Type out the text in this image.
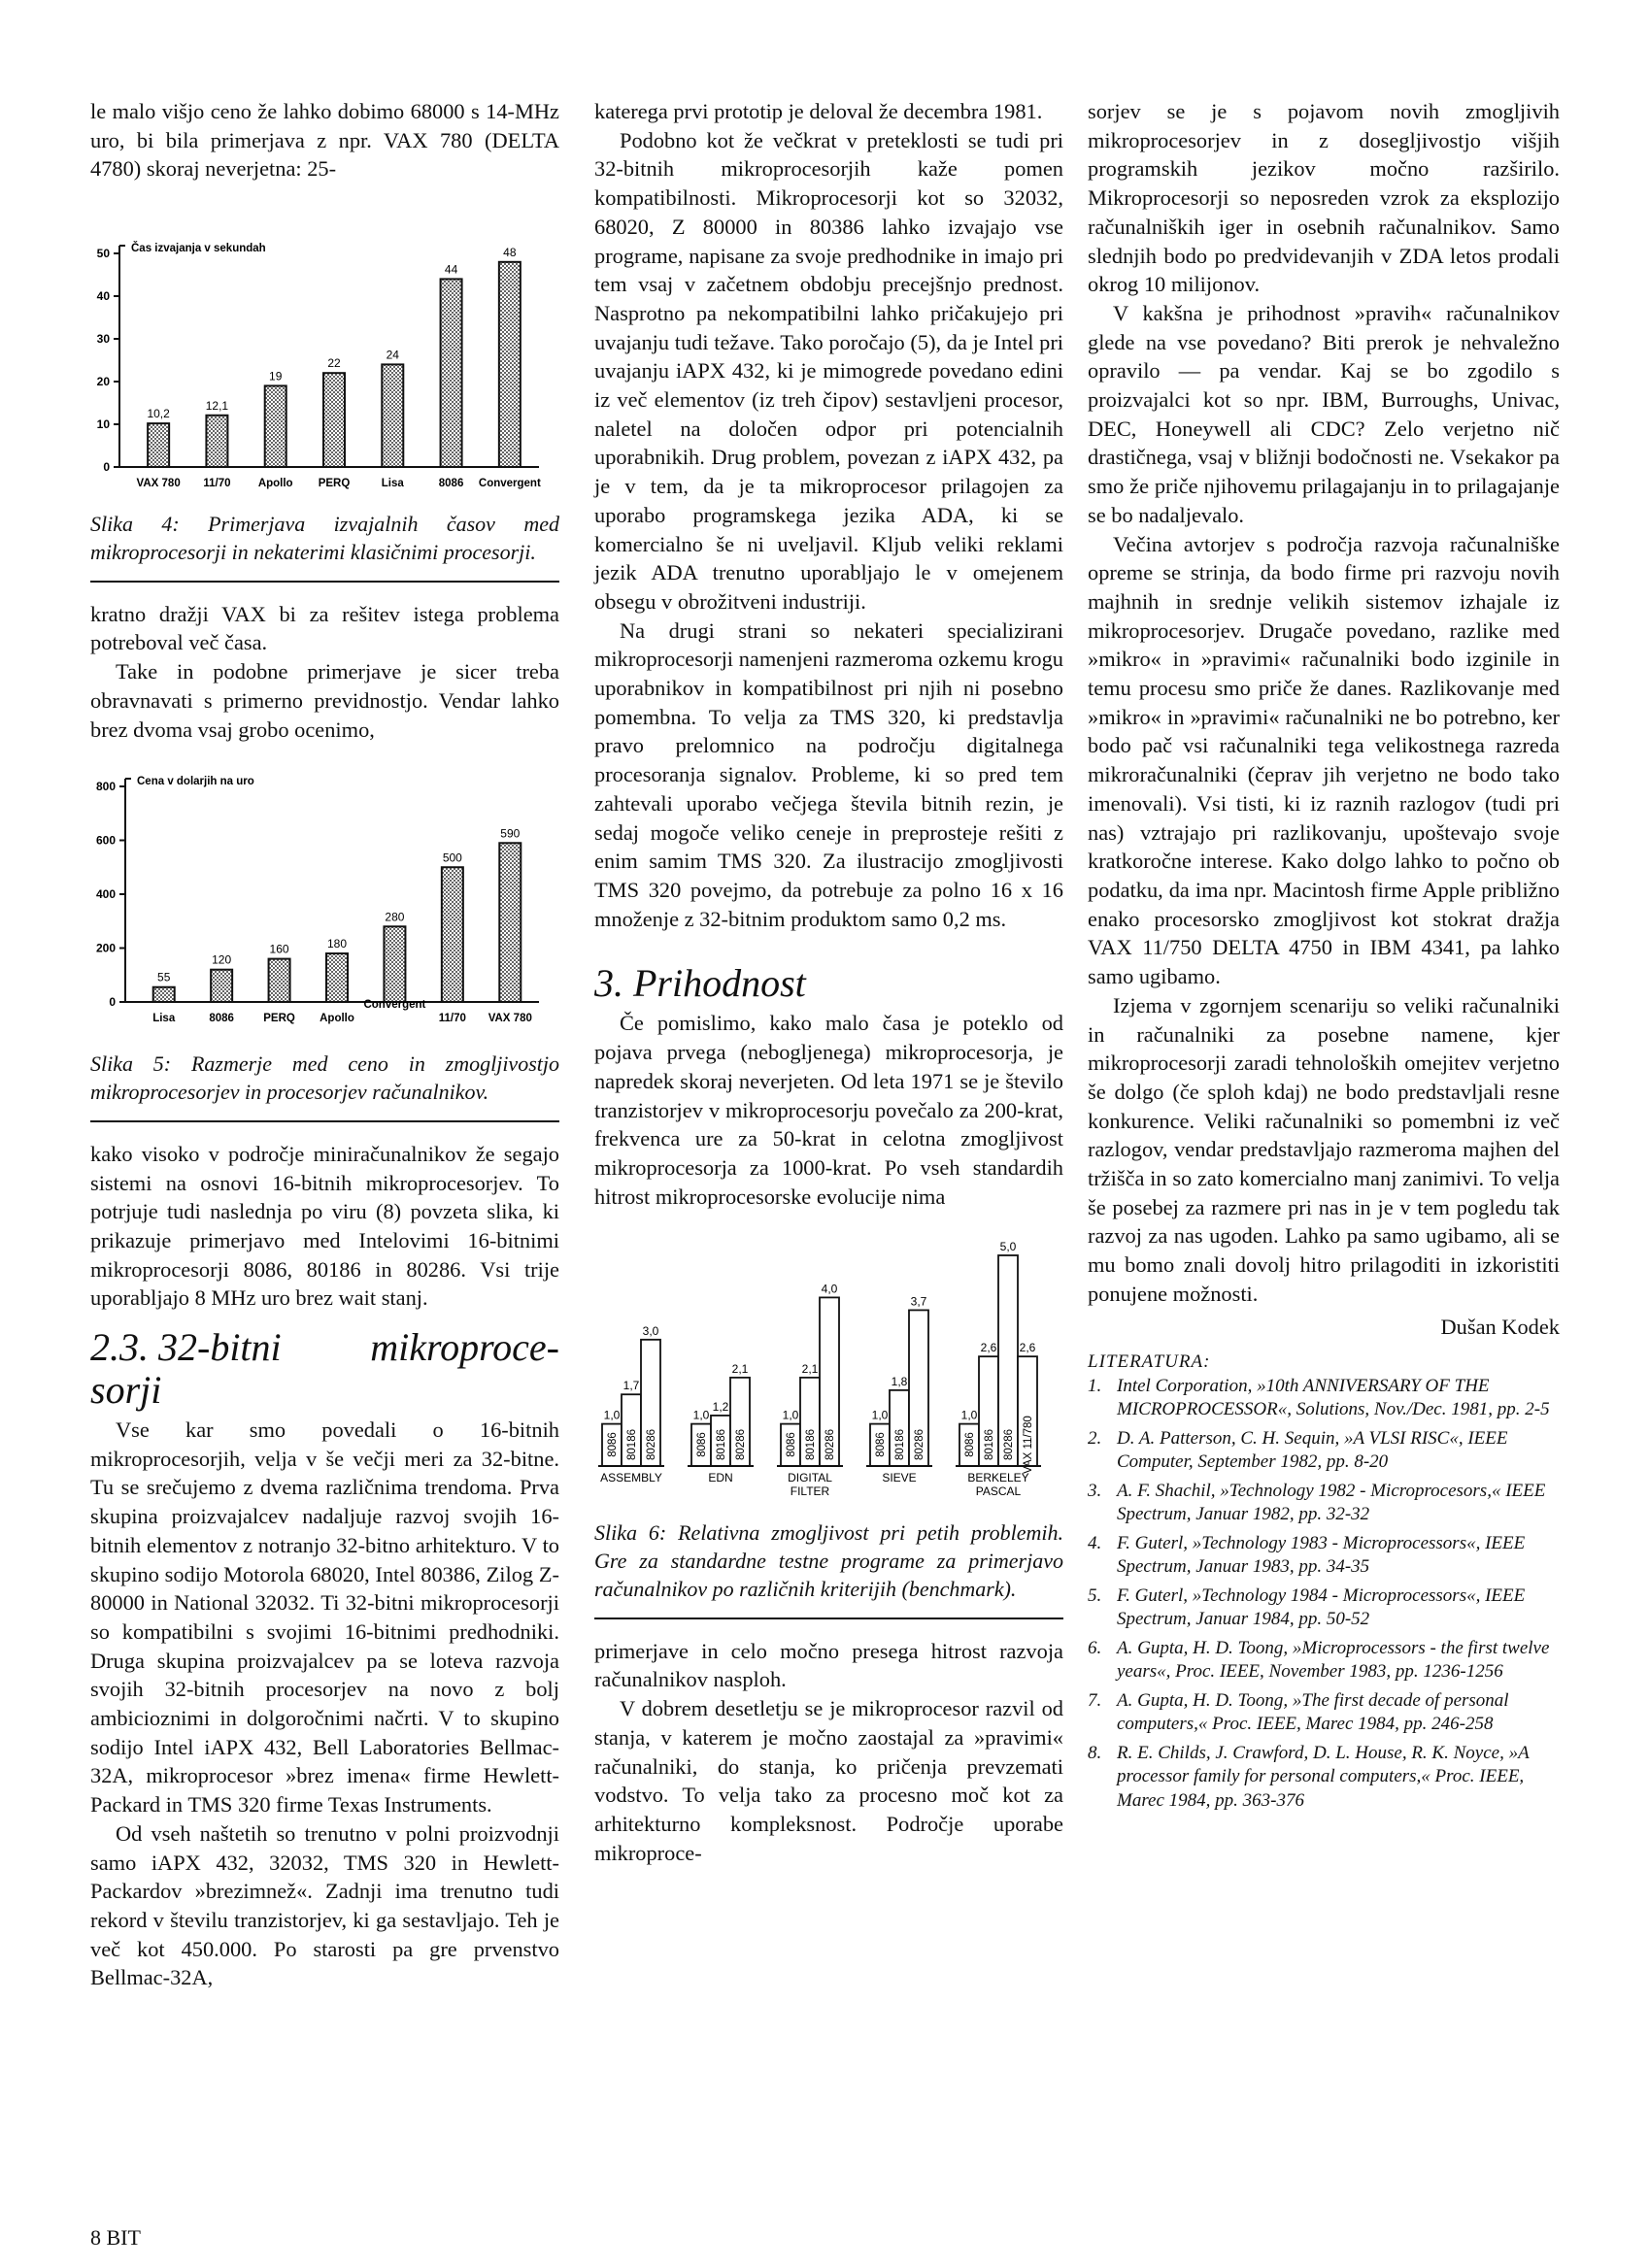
le malo višjo ceno že lahko dobimo 68000 s 14-MHz uro, bi bila primerjava z npr. VAX 780 (DELTA 4780) skoraj neverjetna: 25-

Čas izvajanja v sekundah
0
10
20
30
40
50
10,2
VAX 780
12,1
11/70
19
Apollo
22
PERQ
24
Lisa
44
8086
48
Convergent

Slika 4: Primerjava izvajalnih časov med mikroprocesorji in nekaterimi klasičnimi procesorji.

kratno dražji VAX bi za rešitev istega problema potreboval več časa.

Take in podobne primerjave je sicer treba obravnavati s primerno previdnostjo. Vendar lahko brez dvoma vsaj grobo ocenimo,

Cena v dolarjih na uro
0
200
400
600
800
55
Lisa
120
8086
160
PERQ
180
Apollo
280
Convergent
500
11/70
590
VAX 780

Slika 5: Razmerje med ceno in zmogljivostjo mikroprocesorjev in procesorjev računalnikov.

kako visoko v področje miniračunalnikov že segajo sistemi na osnovi 16-bitnih mikroprocesorjev. To potrjuje tudi naslednja po viru (8) povzeta slika, ki prikazuje primerjavo med Intelovimi 16-bitnimi mikroprocesorji 8086, 80186 in 80286. Vsi trije uporabljajo 8 MHz uro brez wait stanj.

2.3. 32-bitni mikroproce-
sorji

Vse kar smo povedali o 16-bitnih mikroprocesorjih, velja v še večji meri za 32-bitne. Tu se srečujemo z dvema različnima trendoma. Prva skupina proizvajalcev nadaljuje razvoj svojih 16-bitnih elementov z notranjo 32-bitno arhitekturo. V to skupino sodijo Motorola 68020, Intel 80386, Zilog Z-80000 in National 32032. Ti 32-bitni mikroprocesorji so kompatibilni s svojimi 16-bitnimi predhodniki. Druga skupina proizvajalcev pa se loteva razvoja svojih 32-bitnih procesorjev na novo z bolj ambicioznimi in dolgoročnimi načrti. V to skupino sodijo Intel iAPX 432, Bell Laboratories Bellmac-32A, mikroprocesor »brez imena« firme Hewlett-Packard in TMS 320 firme Texas Instruments.

Od vseh naštetih so trenutno v polni proizvodnji samo iAPX 432, 32032, TMS 320 in Hewlett-Packardov »brezimnež«. Zadnji ima trenutno tudi rekord v številu tranzistorjev, ki ga sestavljajo. Teh je več kot 450.000. Po starosti pa gre prvenstvo Bellmac-32A,

katerega prvi prototip je deloval že decembra 1981.

Podobno kot že večkrat v preteklosti se tudi pri 32-bitnih mikroprocesorjih kaže pomen kompatibilnosti. Mikroprocesorji kot so 32032, 68020, Z 80000 in 80386 lahko izvajajo vse programe, napisane za svoje predhodnike in imajo pri tem vsaj v začetnem obdobju precejšnjo prednost. Nasprotno pa nekompatibilni lahko pričakujejo pri uvajanju tudi težave. Tako poročajo (5), da je Intel pri uvajanju iAPX 432, ki je mimogrede povedano edini iz več elementov (iz treh čipov) sestavljeni procesor, naletel na določen odpor pri potencialnih uporabnikih. Drug problem, povezan z iAPX 432, pa je v tem, da je ta mikroprocesor prilagojen za uporabo programskega jezika ADA, ki se komercialno še ni uveljavil. Kljub veliki reklami jezik ADA trenutno uporabljajo le v omejenem obsegu v obrožitveni industriji.

Na drugi strani so nekateri specializirani mikroprocesorji namenjeni razmeroma ozkemu krogu uporabnikov in kompatibilnost pri njih ni posebno pomembna. To velja za TMS 320, ki predstavlja pravo prelomnico na področju digitalnega procesoranja signalov. Probleme, ki so pred tem zahtevali uporabo večjega števila bitnih rezin, je sedaj mogoče veliko ceneje in preprosteje rešiti z enim samim TMS 320. Za ilustracijo zmogljivosti TMS 320 povejmo, da potrebuje za polno 16 x 16 množenje z 32-bitnim produktom samo 0,2 ms.

3. Prihodnost

Če pomislimo, kako malo časa je poteklo od pojava prvega (nebogljenega) mikroprocesorja, je napredek skoraj neverjeten. Od leta 1971 se je število tranzistorjev v mikroprocesorju povečalo za 200-krat, frekvenca ure za 50-krat in celotna zmogljivost mikroprocesorja za 1000-krat. Po vseh standardih hitrost mikroprocesorske evolucije nima

1,0
8086
1,7
80186
3,0
80286
ASSEMBLY
1,0
8086
1,2
80186
2,1
80286
EDN
1,0
8086
2,1
80186
4,0
80286
DIGITAL
FILTER
1,0
8086
1,8
80186
3,7
80286
SIEVE
1,0
8086
2,6
80186
5,0
80286
2,6
VAX 11/780
BERKELEY
PASCAL

Slika 6: Relativna zmogljivost pri petih problemih. Gre za standardne testne programe za primerjavo računalnikov po različnih kriterijih (benchmark).

primerjave in celo močno presega hitrost razvoja računalnikov nasploh.

V dobrem desetletju se je mikroprocesor razvil od stanja, v katerem je močno zaostajal za »pravimi« računalniki, do stanja, ko pričenja prevzemati vodstvo. To velja tako za procesno moč kot za arhitekturno kompleksnost. Področje uporabe mikroproce-

sorjev se je s pojavom novih zmogljivih mikroprocesorjev in z dosegljivostjo višjih programskih jezikov močno razširilo. Mikroprocesorji so neposreden vzrok za eksplozijo računalniških iger in osebnih računalnikov. Samo slednjih bodo po predvidevanjih v ZDA letos prodali okrog 10 milijonov.

V kakšna je prihodnost »pravih« računalnikov glede na vse povedano? Biti prerok je nehvaležno opravilo — pa vendar. Kaj se bo zgodilo s proizvajalci kot so npr. IBM, Burroughs, Univac, DEC, Honeywell ali CDC? Zelo verjetno nič drastičnega, vsaj v bližnji bodočnosti ne. Vsekakor pa smo že priče njihovemu prilagajanju in to prilagajanje se bo nadaljevalo.

Večina avtorjev s področja razvoja računalniške opreme se strinja, da bodo firme pri razvoju novih majhnih in srednje velikih sistemov izhajale iz mikroprocesorjev. Drugače povedano, razlike med »mikro« in »pravimi« računalniki bodo izginile in temu procesu smo priče že danes. Razlikovanje med »mikro« in »pravimi« računalniki ne bo potrebno, ker bodo pač vsi računalniki tega velikostnega razreda mikroračunalniki (čeprav jih verjetno ne bodo tako imenovali). Vsi tisti, ki iz raznih razlogov (tudi pri nas) vztrajajo pri razlikovanju, upoštevajo svoje kratkoročne interese. Kako dolgo lahko to počno ob podatku, da ima npr. Macintosh firme Apple približno enako procesorsko zmogljivost kot stokrat dražja VAX 11/750 DELTA 4750 in IBM 4341, pa lahko samo ugibamo.

Izjema v zgornjem scenariju so veliki računalniki in računalniki za posebne namene, kjer mikroprocesorji zaradi tehnoloških omejitev verjetno še dolgo (če sploh kdaj) ne bodo predstavljali resne konkurence. Veliki računalniki so pomembni iz več razlogov, vendar predstavljajo razmeroma majhen del tržišča in so zato komercialno manj zanimivi. To velja še posebej za razmere pri nas in je v tem pogledu tak razvoj za nas ugoden. Lahko pa samo ugibamo, ali se mu bomo znali dovolj hitro prilagoditi in izkoristiti ponujene možnosti.

Dušan Kodek
LITERATURA:
1. Intel Corporation, »10th ANNIVERSARY OF THE MICROPROCESSOR«, Solutions, Nov./Dec. 1981, pp. 2-5
2. D. A. Patterson, C. H. Sequin, »A VLSI RISC«, IEEE Computer, September 1982, pp. 8-20
3. A. F. Shachil, »Technology 1982 - Microprocesors,« IEEE Spectrum, Januar 1982, pp. 32-32
4. F. Guterl, »Technology 1983 - Microprocessors«, IEEE Spectrum, Januar 1983, pp. 34-35
5. F. Guterl, »Technology 1984 - Microprocessors«, IEEE Spectrum, Januar 1984, pp. 50-52
6. A. Gupta, H. D. Toong, »Microprocessors - the first twelve years«, Proc. IEEE, November 1983, pp. 1236-1256
7. A. Gupta, H. D. Toong, »The first decade of personal computers,« Proc. IEEE, Marec 1984, pp. 246-258
8. R. E. Childs, J. Crawford, D. L. House, R. K. Noyce, »A processor family for personal computers,« Proc. IEEE, Marec 1984, pp. 363-376
8 BIT
